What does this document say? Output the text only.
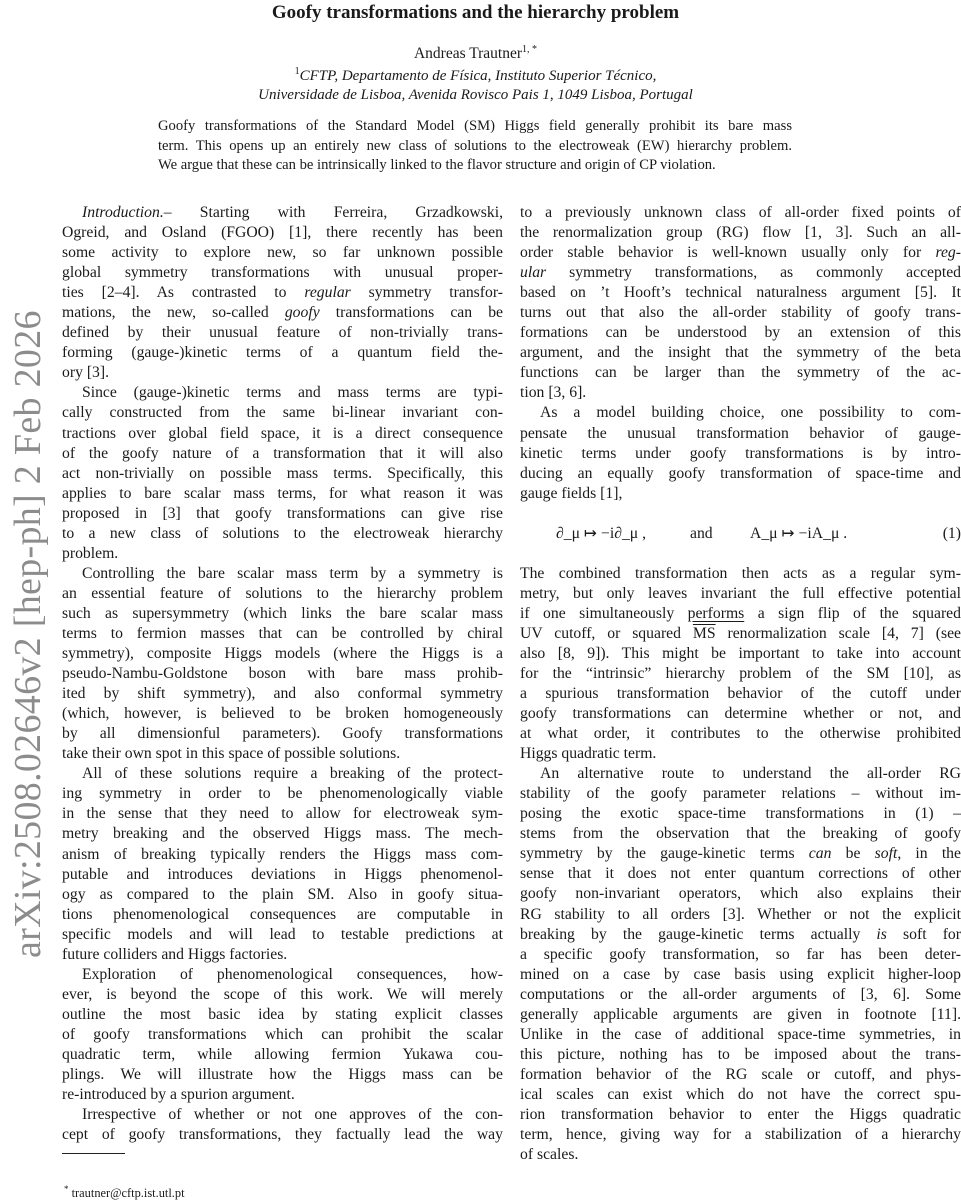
Goofy transformations and the hierarchy problem
Andreas Trautner$^{1, *}$
$^1$CFTP, Departamento de Física, Instituto Superior Técnico,
Universidade de Lisboa, Avenida Rovisco Pais 1, 1049 Lisboa, Portugal
Goofy transformations of the Standard Model (SM) Higgs field generally prohibit its bare mass
term. This opens up an entirely new class of solutions to the electroweak (EW) hierarchy problem.
We argue that these can be intrinsically linked to the flavor structure and origin of CP violation.
arXiv:2508.02646v2 [hep-ph] 2 Feb 2026
Introduction.– Starting with Ferreira, Grzadkowski,
Ogreid, and Osland (FGOO) [1], there recently has been
some activity to explore new, so far unknown possible
global symmetry transformations with unusual proper-
ties [2–4]. As contrasted to regular symmetry transfor-
mations, the new, so-called goofy transformations can be
defined by their unusual feature of non-trivially trans-
forming (gauge-)kinetic terms of a quantum field the-
ory [3].
Since (gauge-)kinetic terms and mass terms are typi-
cally constructed from the same bi-linear invariant con-
tractions over global field space, it is a direct consequence
of the goofy nature of a transformation that it will also
act non-trivially on possible mass terms. Specifically, this
applies to bare scalar mass terms, for what reason it was
proposed in [3] that goofy transformations can give rise
to a new class of solutions to the electroweak hierarchy
problem.
Controlling the bare scalar mass term by a symmetry is
an essential feature of solutions to the hierarchy problem
such as supersymmetry (which links the bare scalar mass
terms to fermion masses that can be controlled by chiral
symmetry), composite Higgs models (where the Higgs is a
pseudo-Nambu-Goldstone boson with bare mass prohib-
ited by shift symmetry), and also conformal symmetry
(which, however, is believed to be broken homogeneously
by all dimensionful parameters). Goofy transformations
take their own spot in this space of possible solutions.
All of these solutions require a breaking of the protect-
ing symmetry in order to be phenomenologically viable
in the sense that they need to allow for electroweak sym-
metry breaking and the observed Higgs mass. The mech-
anism of breaking typically renders the Higgs mass com-
putable and introduces deviations in Higgs phenomenol-
ogy as compared to the plain SM. Also in goofy situa-
tions phenomenological consequences are computable in
specific models and will lead to testable predictions at
future colliders and Higgs factories.
Exploration of phenomenological consequences, how-
ever, is beyond the scope of this work. We will merely
outline the most basic idea by stating explicit classes
of goofy transformations which can prohibit the scalar
quadratic term, while allowing fermion Yukawa cou-
plings. We will illustrate how the Higgs mass can be
re-introduced by a spurion argument.
Irrespective of whether or not one approves of the con-
cept of goofy transformations, they factually lead the way
to a previously unknown class of all-order fixed points of
the renormalization group (RG) flow [1, 3]. Such an all-
order stable behavior is well-known usually only for reg-
ular symmetry transformations, as commonly accepted
based on ’t Hooft’s technical naturalness argument [5]. It
turns out that also the all-order stability of goofy trans-
formations can be understood by an extension of this
argument, and the insight that the symmetry of the beta
functions can be larger than the symmetry of the ac-
tion [3, 6].
As a model building choice, one possibility to com-
pensate the unusual transformation behavior of gauge-
kinetic terms under goofy transformations is by intro-
ducing an equally goofy transformation of space-time and
gauge fields [1],
∂_μ ↦ −i∂_μ ,	and A_μ ↦ −iA_μ .	(1)
The combined transformation then acts as a regular sym-
metry, but only leaves invariant the full effective potential
if one simultaneously performs a sign flip of the squared
UV cutoff, or squared $\overline{MS}$ renormalization scale [4, 7] (see
also [8, 9]). This might be important to take into account
for the “intrinsic” hierarchy problem of the SM [10], as
a spurious transformation behavior of the cutoff under
goofy transformations can determine whether or not, and
at what order, it contributes to the otherwise prohibited
Higgs quadratic term.
An alternative route to understand the all-order RG
stability of the goofy parameter relations – without im-
posing the exotic space-time transformations in (1) –
stems from the observation that the breaking of goofy
symmetry by the gauge-kinetic terms can be soft, in the
sense that it does not enter quantum corrections of other
goofy non-invariant operators, which also explains their
RG stability to all orders [3]. Whether or not the explicit
breaking by the gauge-kinetic terms actually is soft for
a specific goofy transformation, so far has been deter-
mined on a case by case basis using explicit higher-loop
computations or the all-order arguments of [3, 6]. Some
generally applicable arguments are given in footnote [11].
Unlike in the case of additional space-time symmetries, in
this picture, nothing has to be imposed about the trans-
formation behavior of the RG scale or cutoff, and phys-
ical scales can exist which do not have the correct spu-
rion transformation behavior to enter the Higgs quadratic
term, hence, giving way for a stabilization of a hierarchy
of scales.
* trautner@cftp.ist.utl.pt
